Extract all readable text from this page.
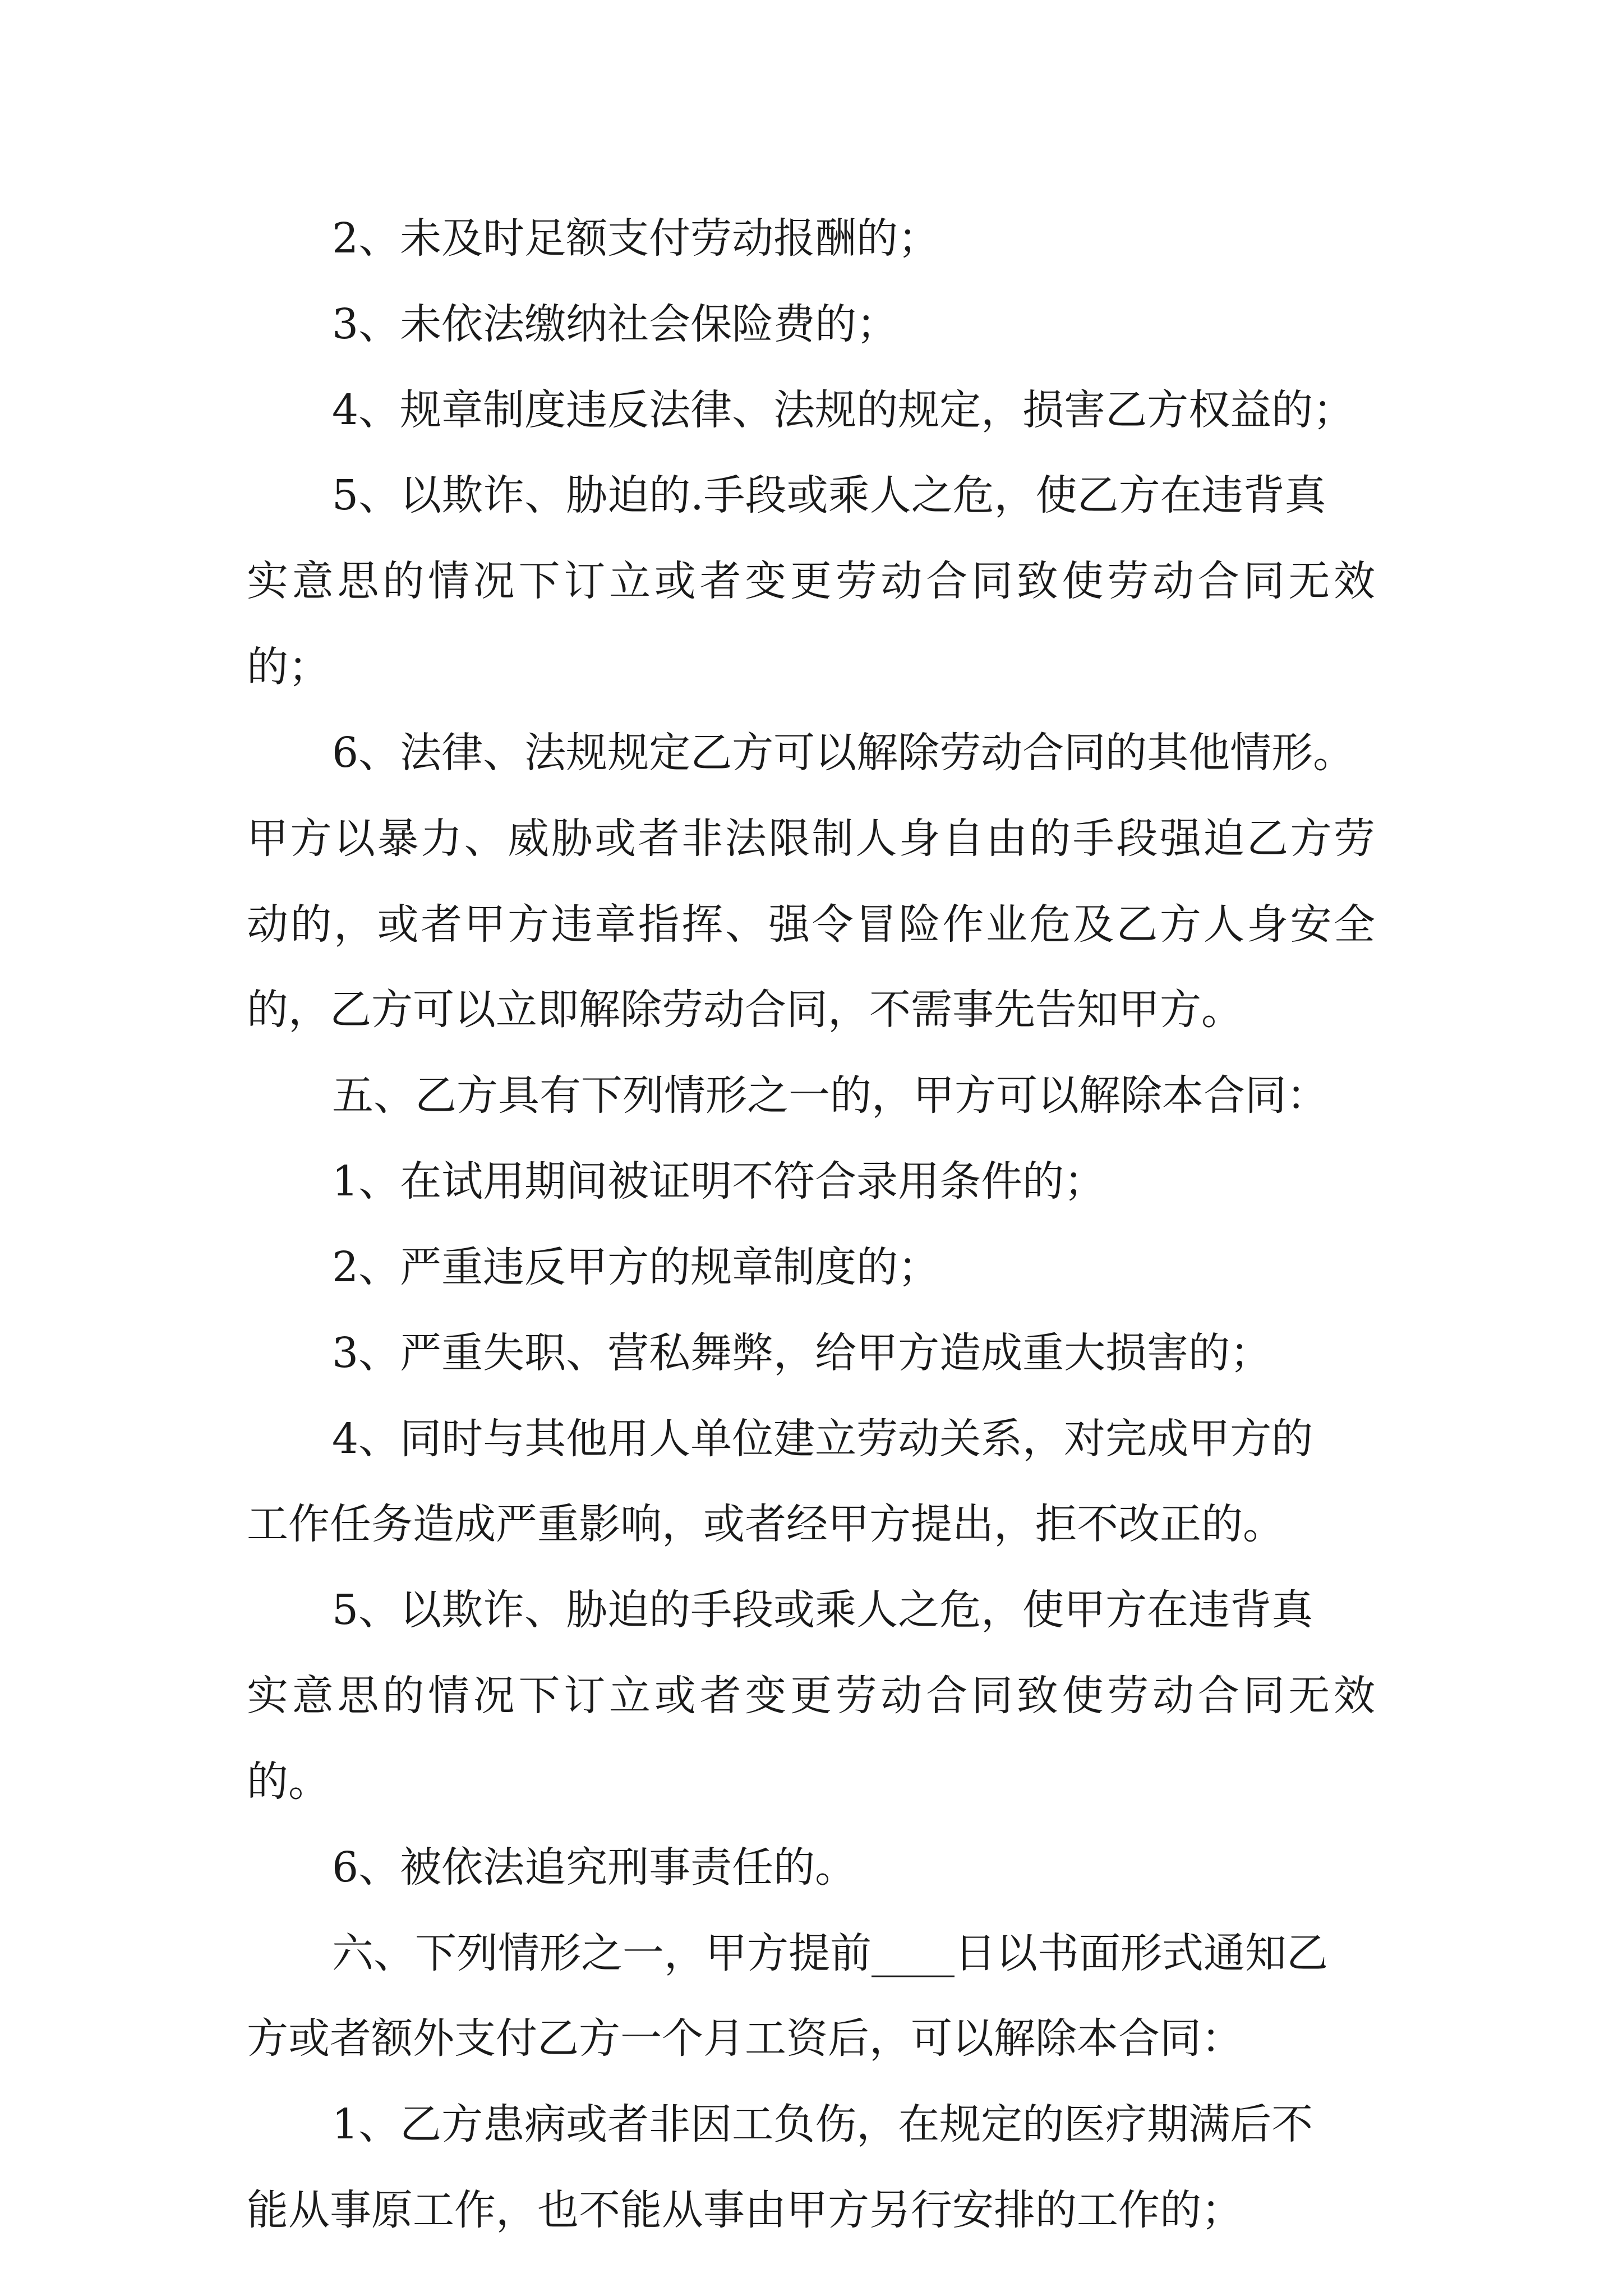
2、未及时足额支付劳动报酬的；
3、未依法缴纳社会保险费的；
4、规章制度违反法律、法规的规定，损害乙方权益的；
5、以欺诈、胁迫的.手段或乘人之危，使乙方在违背真
实意思的情况下订立或者变更劳动合同致使劳动合同无效
的；
6、法律、法规规定乙方可以解除劳动合同的其他情形。
甲方以暴力、威胁或者非法限制人身自由的手段强迫乙方劳
动的，或者甲方违章指挥、强令冒险作业危及乙方人身安全
的，乙方可以立即解除劳动合同，不需事先告知甲方。
五、乙方具有下列情形之一的，甲方可以解除本合同：
1、在试用期间被证明不符合录用条件的；
2、严重违反甲方的规章制度的；
3、严重失职、营私舞弊，给甲方造成重大损害的；
4、同时与其他用人单位建立劳动关系，对完成甲方的
工作任务造成严重影响，或者经甲方提出，拒不改正的。
5、以欺诈、胁迫的手段或乘人之危，使甲方在违背真
实意思的情况下订立或者变更劳动合同致使劳动合同无效
的。
6、被依法追究刑事责任的。
六、下列情形之一，甲方提前____日以书面形式通知乙
方或者额外支付乙方一个月工资后，可以解除本合同：
1、乙方患病或者非因工负伤，在规定的医疗期满后不
能从事原工作，也不能从事由甲方另行安排的工作的；
